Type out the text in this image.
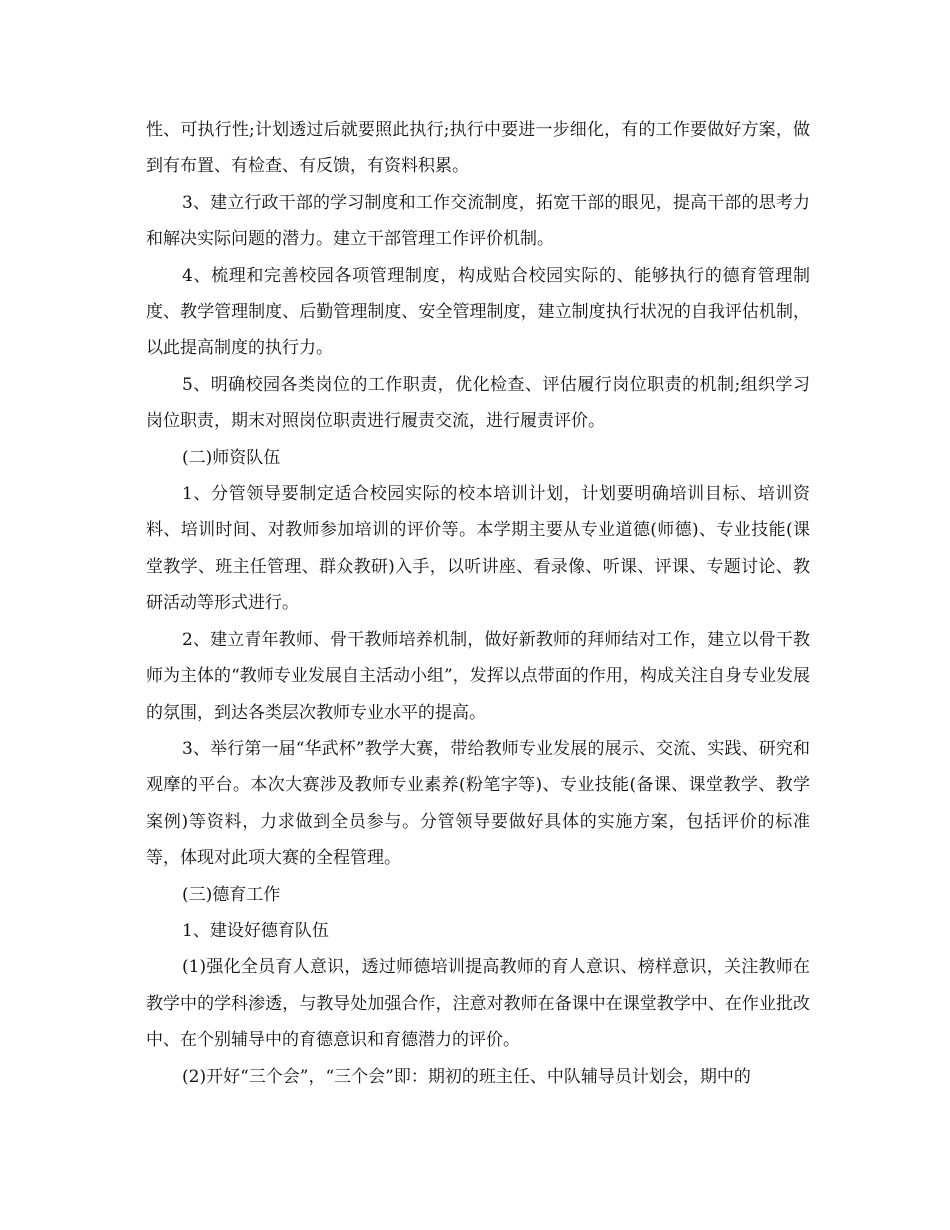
性、可执行性;计划透过后就要照此执行;执行中要进一步细化，有的工作要做好方案，做到有布置、有检查、有反馈，有资料积累。

3、建立行政干部的学习制度和工作交流制度，拓宽干部的眼见，提高干部的思考力和解决实际问题的潜力。建立干部管理工作评价机制。

4、梳理和完善校园各项管理制度，构成贴合校园实际的、能够执行的德育管理制度、教学管理制度、后勤管理制度、安全管理制度，建立制度执行状况的自我评估机制，以此提高制度的执行力。

5、明确校园各类岗位的工作职责，优化检查、评估履行岗位职责的机制;组织学习岗位职责，期末对照岗位职责进行履责交流，进行履责评价。

(二)师资队伍

1、分管领导要制定适合校园实际的校本培训计划，计划要明确培训目标、培训资料、培训时间、对教师参加培训的评价等。本学期主要从专业道德(师德)、专业技能(课堂教学、班主任管理、群众教研)入手，以听讲座、看录像、听课、评课、专题讨论、教研活动等形式进行。

2、建立青年教师、骨干教师培养机制，做好新教师的拜师结对工作，建立以骨干教师为主体的“教师专业发展自主活动小组”，发挥以点带面的作用，构成关注自身专业发展的氛围，到达各类层次教师专业水平的提高。

3、举行第一届“华武杯”教学大赛，带给教师专业发展的展示、交流、实践、研究和观摩的平台。本次大赛涉及教师专业素养(粉笔字等)、专业技能(备课、课堂教学、教学案例)等资料，力求做到全员参与。分管领导要做好具体的实施方案，包括评价的标准等，体现对此项大赛的全程管理。

(三)德育工作

1、建设好德育队伍

(1)强化全员育人意识，透过师德培训提高教师的育人意识、榜样意识，关注教师在教学中的学科渗透，与教导处加强合作，注意对教师在备课中在课堂教学中、在作业批改中、在个别辅导中的育德意识和育德潜力的评价。

(2)开好“三个会”，“三个会”即：期初的班主任、中队辅导员计划会，期中的
